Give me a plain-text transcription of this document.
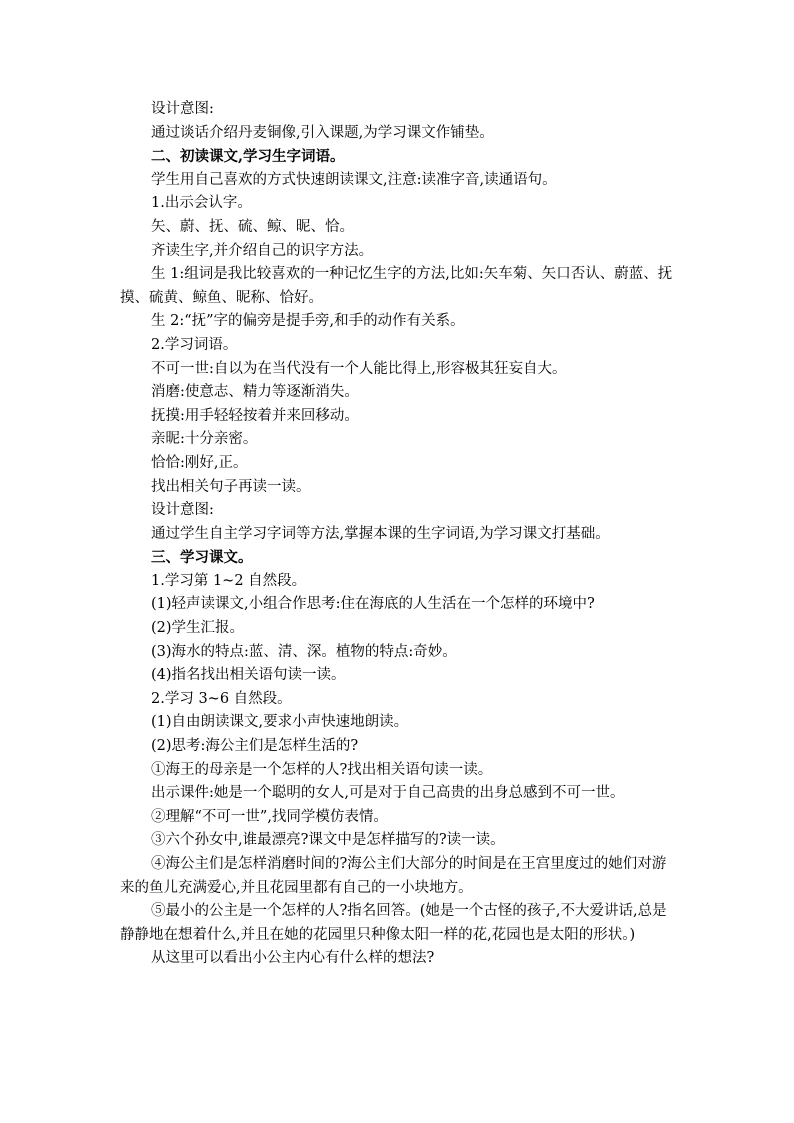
设计意图:

通过谈话介绍丹麦铜像,引入课题,为学习课文作铺垫。

二、初读课文,学习生字词语。

学生用自己喜欢的方式快速朗读课文,注意:读准字音,读通语句。

1.出示会认字。

矢、蔚、抚、硫、鲸、昵、恰。

齐读生字,并介绍自己的识字方法。

生 1:组词是我比较喜欢的一种记忆生字的方法,比如:矢车菊、矢口否认、蔚蓝、抚摸、硫黄、鲸鱼、昵称、恰好。

生 2:“抚”字的偏旁是提手旁,和手的动作有关系。

2.学习词语。

不可一世:自以为在当代没有一个人能比得上,形容极其狂妄自大。

消磨:使意志、精力等逐渐消失。

抚摸:用手轻轻按着并来回移动。

亲昵:十分亲密。

恰恰:刚好,正。

找出相关句子再读一读。

设计意图:

通过学生自主学习字词等方法,掌握本课的生字词语,为学习课文打基础。

三、学习课文。

1.学习第 1~2 自然段。

(1)轻声读课文,小组合作思考:住在海底的人生活在一个怎样的环境中?

(2)学生汇报。

(3)海水的特点:蓝、清、深。植物的特点:奇妙。

(4)指名找出相关语句读一读。

2.学习 3~6 自然段。

(1)自由朗读课文,要求小声快速地朗读。

(2)思考:海公主们是怎样生活的?

①海王的母亲是一个怎样的人?找出相关语句读一读。

出示课件:她是一个聪明的女人,可是对于自己高贵的出身总感到不可一世。

②理解“不可一世”,找同学模仿表情。

③六个孙女中,谁最漂亮?课文中是怎样描写的?读一读。

④海公主们是怎样消磨时间的?海公主们大部分的时间是在王宫里度过的她们对游来的鱼儿充满爱心,并且花园里都有自己的一小块地方。

⑤最小的公主是一个怎样的人?指名回答。(她是一个古怪的孩子,不大爱讲话,总是静静地在想着什么,并且在她的花园里只种像太阳一样的花,花园也是太阳的形状。)

从这里可以看出小公主内心有什么样的想法?
